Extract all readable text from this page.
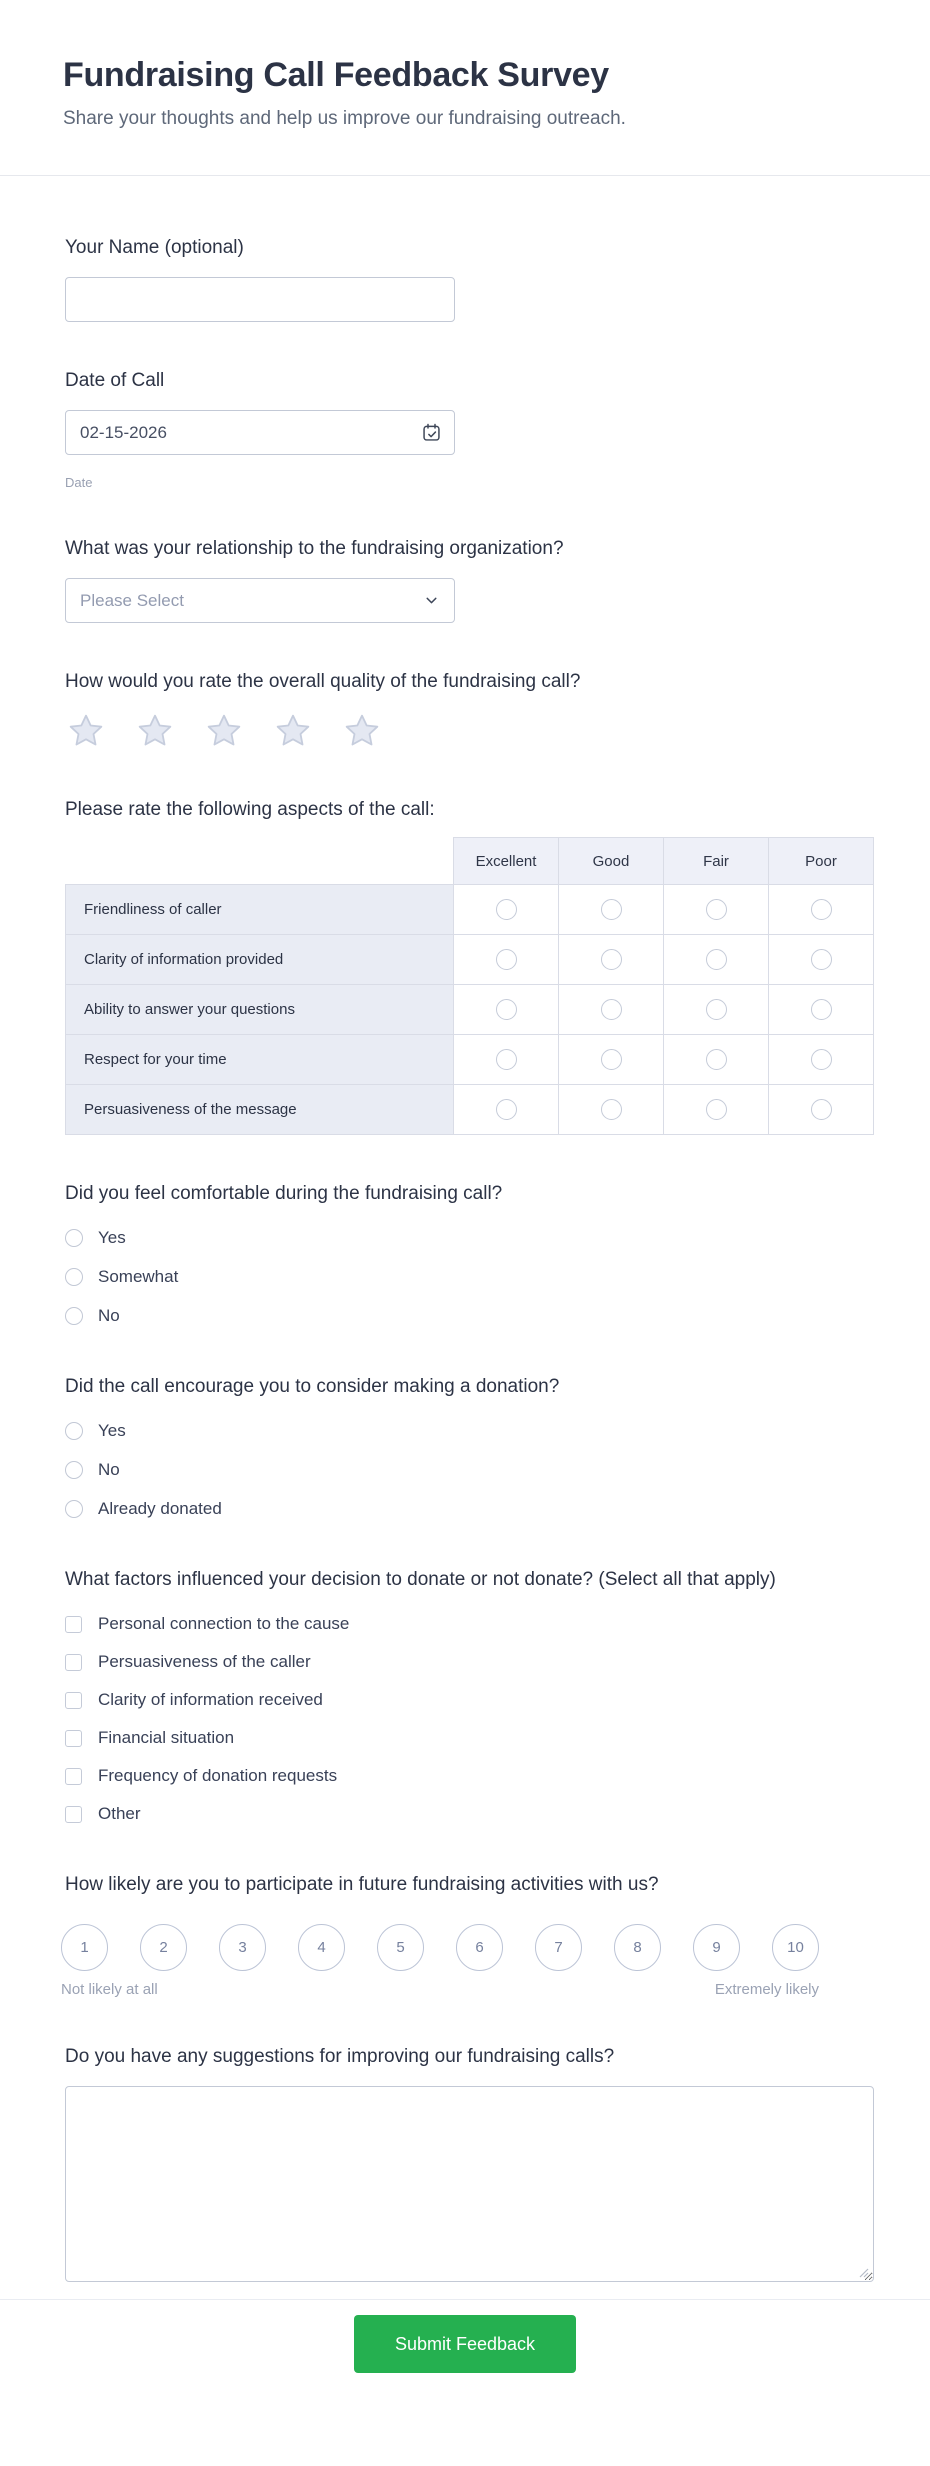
Fundraising Call Feedback Survey
Share your thoughts and help us improve our fundraising outreach.
Your Name (optional)
Date of Call
02-15-2026
Date
What was your relationship to the fundraising organization?
Please Select
How would you rate the overall quality of the fundraising call?
Please rate the following aspects of the call:
	Excellent	Good	Fair	Poor
Friendliness of caller				
Clarity of information provided				
Ability to answer your questions				
Respect for your time				
Persuasiveness of the message				
Did you feel comfortable during the fundraising call?
Yes
Somewhat
No
Did the call encourage you to consider making a donation?
Yes
No
Already donated
What factors influenced your decision to donate or not donate? (Select all that apply)
Personal connection to the cause
Persuasiveness of the caller
Clarity of information received
Financial situation
Frequency of donation requests
Other
How likely are you to participate in future fundraising activities with us?
1	2	3	4	5	6	7	8	9	10
Not likely at all	Extremely likely
Do you have any suggestions for improving our fundraising calls?
Submit Feedback
